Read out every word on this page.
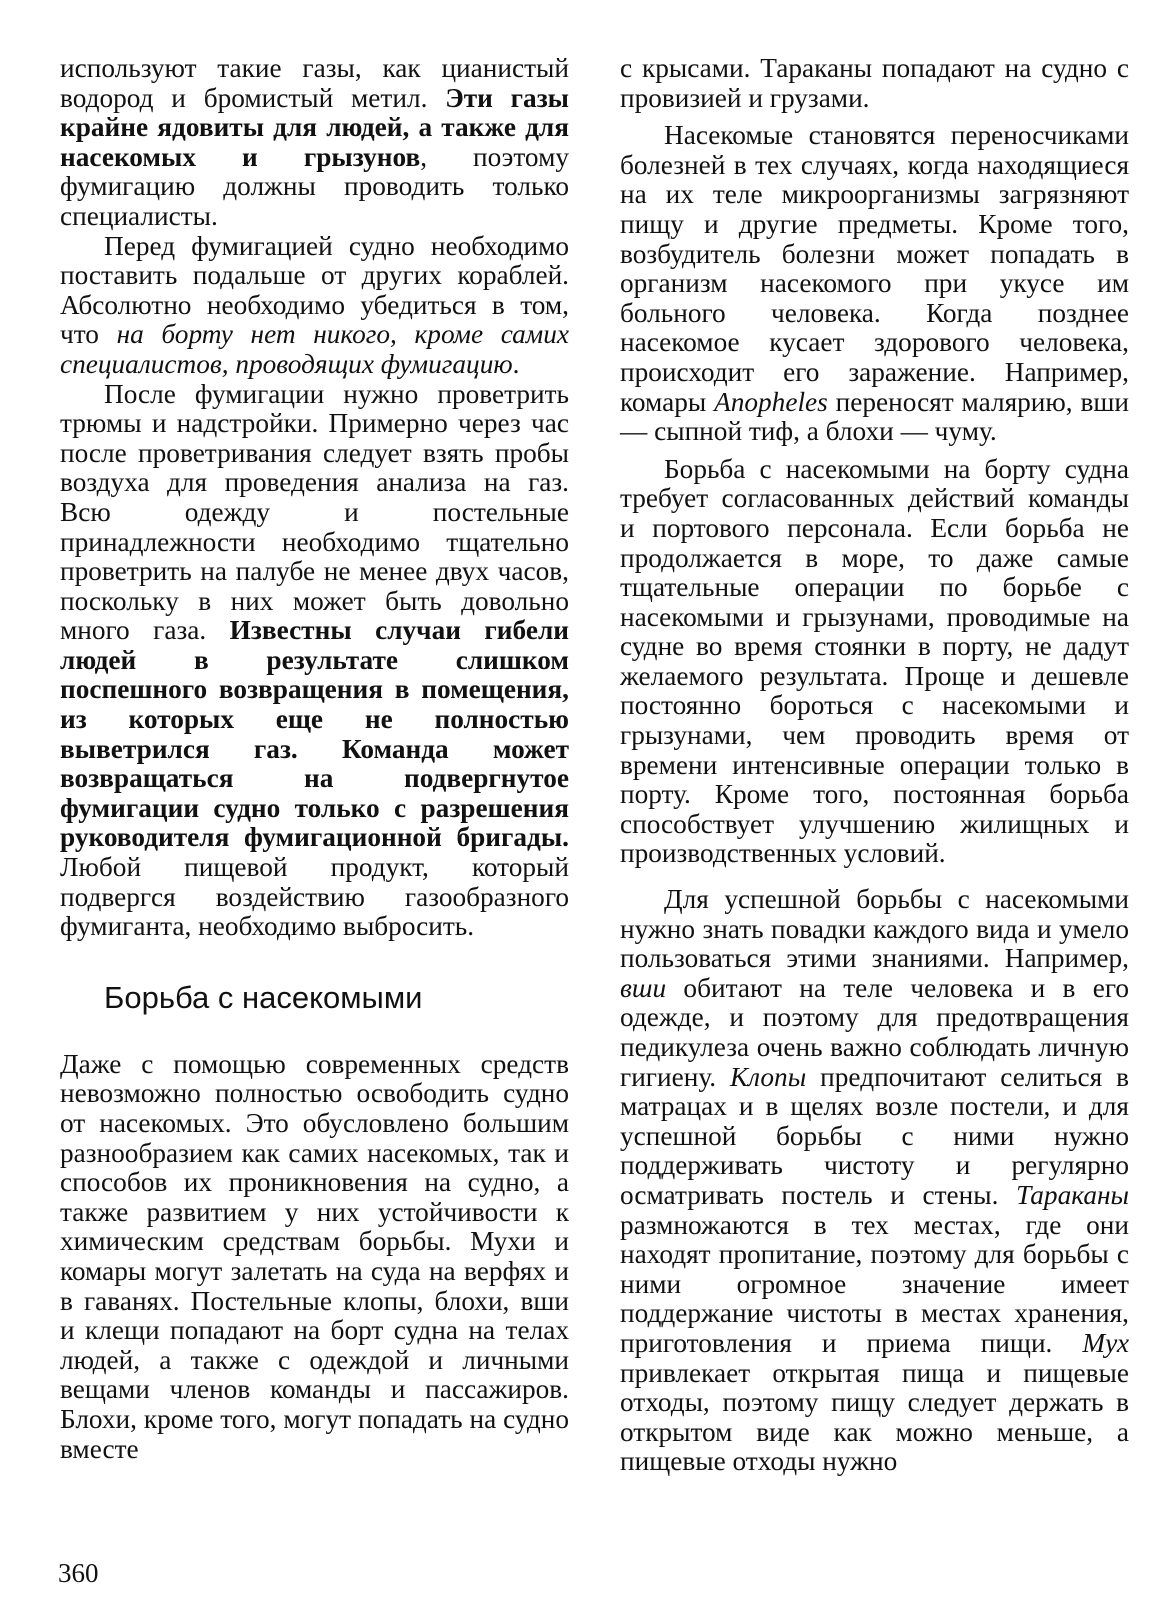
используют такие газы, как цианистый водород и бромистый метил. Эти газы крайне ядовиты для людей, а также для насекомых и грызунов, поэтому фумигацию должны проводить только специалисты.

Перед фумигацией судно необходимо поставить подальше от других кораблей. Абсолютно необходимо убедиться в том, что на борту нет никого, кроме самих специалистов, проводящих фумигацию.

После фумигации нужно проветрить трюмы и надстройки. Примерно через час после проветривания следует взять пробы воздуха для проведения анализа на газ. Всю одежду и постельные принадлежности необходимо тщательно проветрить на палубе не менее двух часов, поскольку в них может быть довольно много газа. Известны случаи гибели людей в результате слишком поспешного возвращения в помещения, из которых еще не полностью выветрился газ. Команда может возвращаться на подвергнутое фумигации судно только с разрешения руководителя фумигационной бригады. Любой пищевой продукт, который подвергся воздействию газообразного фумиганта, необходимо выбросить.

Борьба с насекомыми

Даже с помощью современных средств невозможно полностью освободить судно от насекомых. Это обусловлено большим разнообразием как самих насекомых, так и способов их проникновения на судно, а также развитием у них устойчивости к химическим средствам борьбы. Мухи и комары могут залетать на суда на верфях и в гаванях. Постельные клопы, блохи, вши и клещи попадают на борт судна на телах людей, а также с одеждой и личными вещами членов команды и пассажиров. Блохи, кроме того, могут попадать на судно вместе

с крысами. Тараканы попадают на судно с провизией и грузами.

Насекомые становятся переносчиками болезней в тех случаях, когда находящиеся на их теле микроорганизмы загрязняют пищу и другие предметы. Кроме того, возбудитель болезни может попадать в организм насекомого при укусе им больного человека. Когда позднее насекомое кусает здорового человека, происходит его заражение. Например, комары Anopheles переносят малярию, вши — сыпной тиф, а блохи — чуму.

Борьба с насекомыми на борту судна требует согласованных действий команды и портового персонала. Если борьба не продолжается в море, то даже самые тщательные операции по борьбе с насекомыми и грызунами, проводимые на судне во время стоянки в порту, не дадут желаемого результата. Проще и дешевле постоянно бороться с насекомыми и грызунами, чем проводить время от времени интенсивные операции только в порту. Кроме того, постоянная борьба способствует улучшению жилищных и производственных условий.

Для успешной борьбы с насекомыми нужно знать повадки каждого вида и умело пользоваться этими знаниями. Например, вши обитают на теле человека и в его одежде, и поэтому для предотвращения педикулеза очень важно соблюдать личную гигиену. Клопы предпочитают селиться в матрацах и в щелях возле постели, и для успешной борьбы с ними нужно поддерживать чистоту и регулярно осматривать постель и стены. Тараканы размножаются в тех местах, где они находят пропитание, поэтому для борьбы с ними огромное значение имеет поддержание чистоты в местах хранения, приготовления и приема пищи. Мух привлекает открытая пища и пищевые отходы, поэтому пищу следует держать в открытом виде как можно меньше, а пищевые отходы нужно

360
